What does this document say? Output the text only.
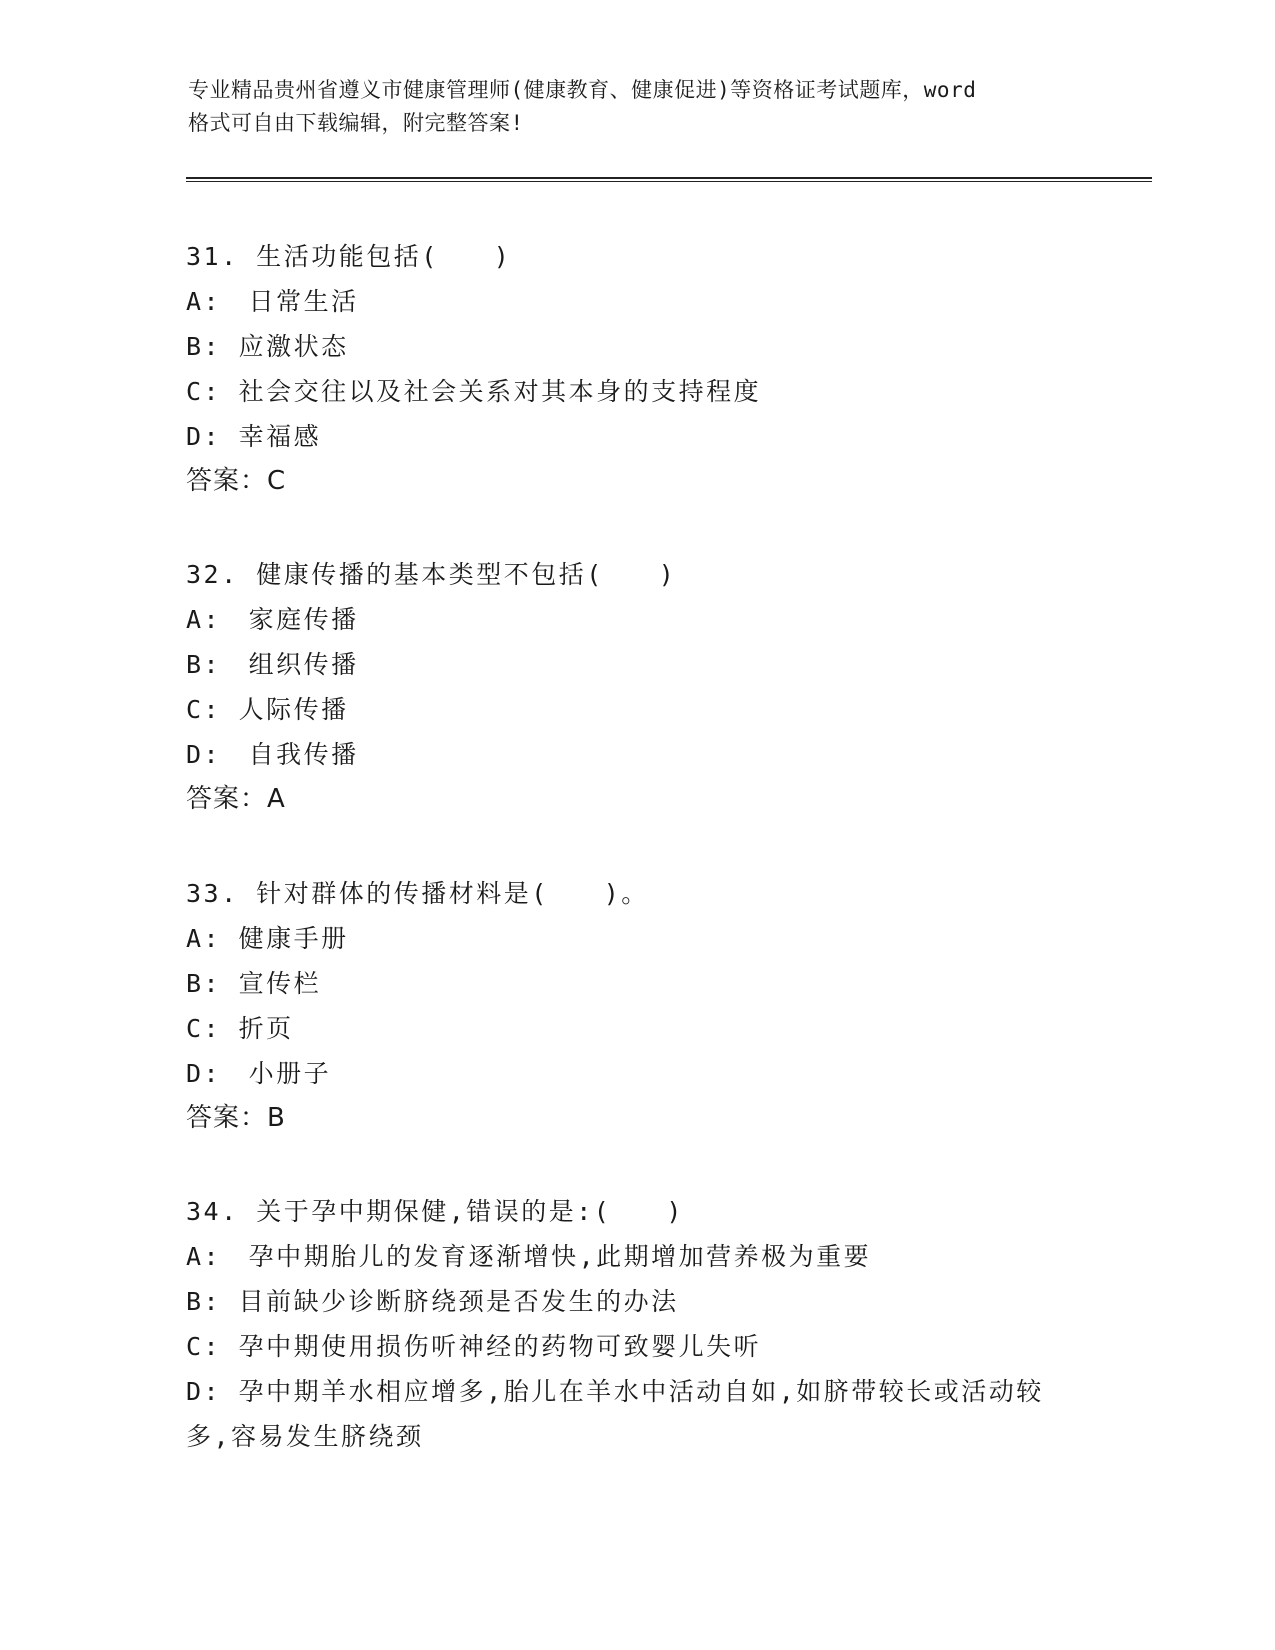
专业精品贵州省遵义市健康管理师(健康教育、健康促进)等资格证考试题库，word
格式可自由下载编辑，附完整答案!
31. 生活功能包括(　　)
A:　日常生活
B: 应激状态
C: 社会交往以及社会关系对其本身的支持程度
D: 幸福感
答案：C
32. 健康传播的基本类型不包括(　　)
A:　家庭传播
B:　组织传播
C: 人际传播
D:　自我传播
答案：A
33. 针对群体的传播材料是(　　)。
A: 健康手册
B: 宣传栏
C: 折页
D:　小册子
答案：B
34. 关于孕中期保健,错误的是:(　　)
A:　孕中期胎儿的发育逐渐增快,此期增加营养极为重要
B: 目前缺少诊断脐绕颈是否发生的办法
C: 孕中期使用损伤听神经的药物可致婴儿失听
D: 孕中期羊水相应增多,胎儿在羊水中活动自如,如脐带较长或活动较多,容易发生脐绕颈
